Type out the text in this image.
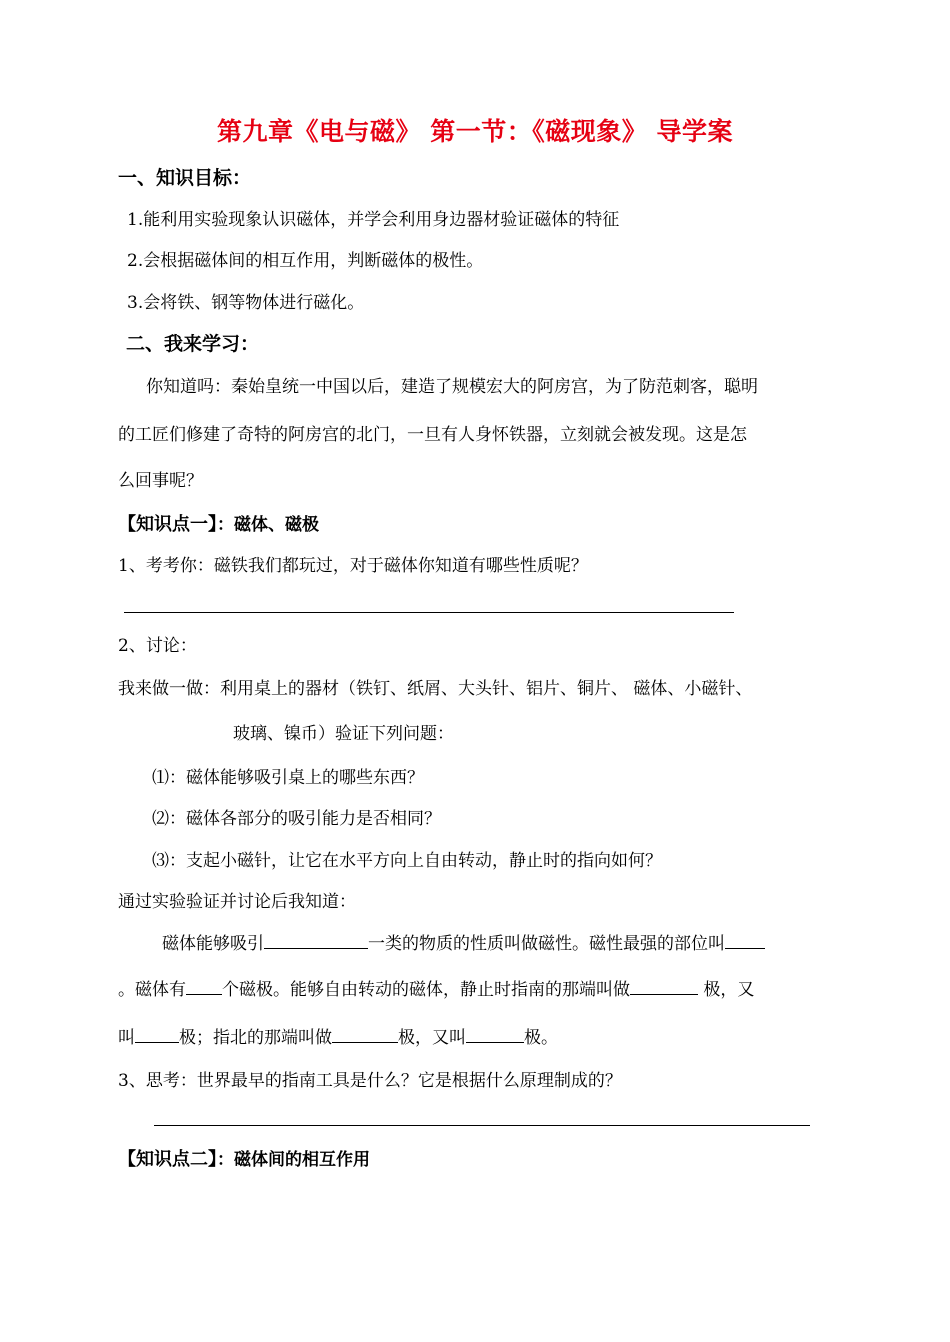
第九章《电与磁》 第一节：《磁现象》 导学案
一、知识目标：
1.能利用实验现象认识磁体，并学会利用身边器材验证磁体的特征
2.会根据磁体间的相互作用，判断磁体的极性。
3.会将铁、钢等物体进行磁化。
二、我来学习：
你知道吗：秦始皇统一中国以后，建造了规模宏大的阿房宫，为了防范刺客，聪明
的工匠们修建了奇特的阿房宫的北门，一旦有人身怀铁器，立刻就会被发现。这是怎
么回事呢？
【知识点一】：磁体、磁极
1、考考你：磁铁我们都玩过，对于磁体你知道有哪些性质呢？
2、讨论：
我来做一做：利用桌上的器材（铁钉、纸屑、大头针、铝片、铜片、 磁体、小磁针、
玻璃、镍币）验证下列问题：
⑴：磁体能够吸引桌上的哪些东西？
⑵：磁体各部分的吸引能力是否相同？
⑶：支起小磁针，让它在水平方向上自由转动，静止时的指向如何？
通过实验验证并讨论后我知道：
磁体能够吸引	一类的物质的性质叫做磁性。磁性最强的部位叫
。磁体有 个磁极。能够自由转动的磁体，静止时指南的那端叫做	极，又
叫	极；指北的那端叫做	极，又叫	极。
3、思考：世界最早的指南工具是什么？它是根据什么原理制成的？
【知识点二】：磁体间的相互作用
